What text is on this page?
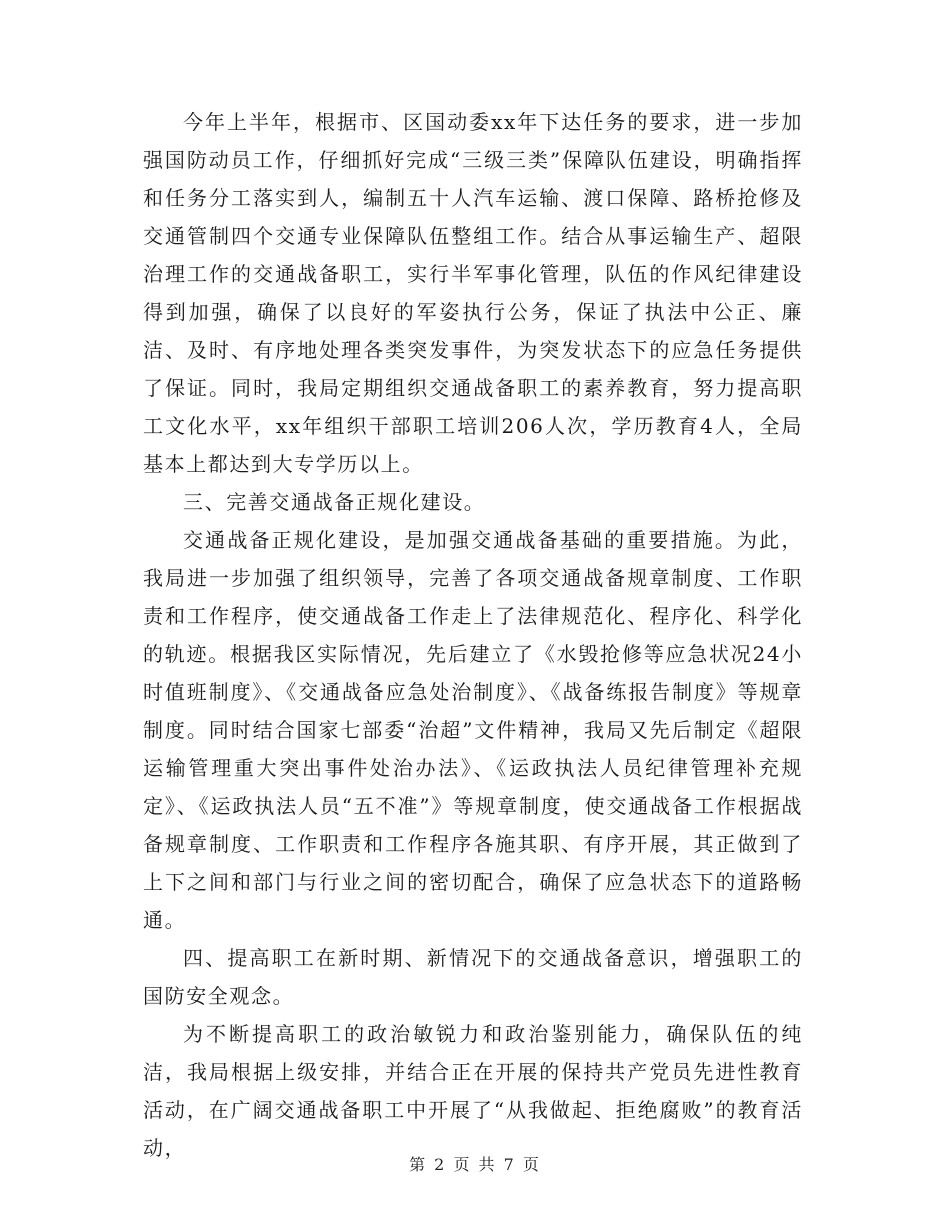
今年上半年，根据市、区国动委xx年下达任务的要求，进一步加强国防动员工作，仔细抓好完成“三级三类”保障队伍建设，明确指挥和任务分工落实到人，编制五十人汽车运输、渡口保障、路桥抢修及交通管制四个交通专业保障队伍整组工作。结合从事运输生产、超限治理工作的交通战备职工，实行半军事化管理，队伍的作风纪律建设得到加强，确保了以良好的军姿执行公务，保证了执法中公正、廉洁、及时、有序地处理各类突发事件，为突发状态下的应急任务提供了保证。同时，我局定期组织交通战备职工的素养教育，努力提高职工文化水平，xx年组织干部职工培训206人次，学历教育4人，全局基本上都达到大专学历以上。

三、完善交通战备正规化建设。

交通战备正规化建设，是加强交通战备基础的重要措施。为此，我局进一步加强了组织领导，完善了各项交通战备规章制度、工作职责和工作程序，使交通战备工作走上了法律规范化、程序化、科学化的轨迹。根据我区实际情况，先后建立了《水毁抢修等应急状况24小时值班制度》、《交通战备应急处治制度》、《战备练报告制度》等规章制度。同时结合国家七部委“治超”文件精神，我局又先后制定《超限运输管理重大突出事件处治办法》、《运政执法人员纪律管理补充规定》、《运政执法人员“五不准”》等规章制度，使交通战备工作根据战备规章制度、工作职责和工作程序各施其职、有序开展，其正做到了上下之间和部门与行业之间的密切配合，确保了应急状态下的道路畅通。

四、提高职工在新时期、新情况下的交通战备意识，增强职工的国防安全观念。

为不断提高职工的政治敏锐力和政治鉴别能力，确保队伍的纯洁，我局根据上级安排，并结合正在开展的保持共产党员先进性教育活动，在广阔交通战备职工中开展了“从我做起、拒绝腐败”的教育活动，

第 2 页 共 7 页
